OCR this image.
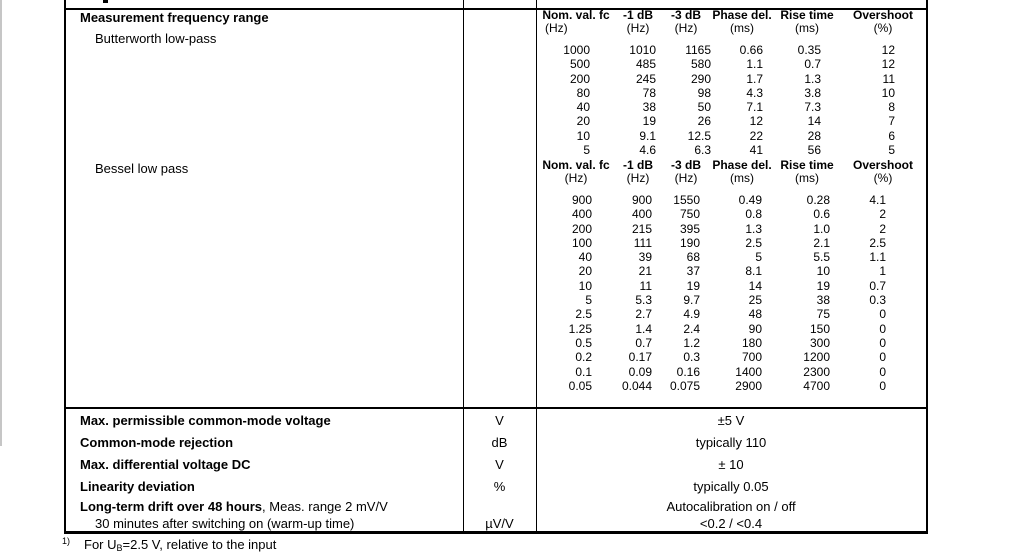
Measurement frequency range
Butterworth low-pass
Bessel low pass
Nom. val. fc	-1 dB	-3 dB	Phase del.	Rise time	Overshoot
(Hz)	(Hz)	(Hz)	(ms)	(ms)	(%)
1000	1010	1165	0.66	0.35	12
500	485	580	1.1	0.7	12
200	245	290	1.7	1.3	11
80	78	98	4.3	3.8	10
40	38	50	7.1	7.3	8
20	19	26	12	14	7
10	9.1	12.5	22	28	6
5	4.6	6.3	41	56	5
Nom. val. fc	-1 dB	-3 dB	Phase del.	Rise time	Overshoot
(Hz)	(Hz)	(Hz)	(ms)	(ms)	(%)
900	900	1550	0.49	0.28	4.1
400	400	750	0.8	0.6	2
200	215	395	1.3	1.0	2
100	111	190	2.5	2.1	2.5
40	39	68	5	5.5	1.1
20	21	37	8.1	10	1
10	11	19	14	19	0.7
5	5.3	9.7	25	38	0.3
2.5	2.7	4.9	48	75	0
1.25	1.4	2.4	90	150	0
0.5	0.7	1.2	180	300	0
0.2	0.17	0.3	700	1200	0
0.1	0.09	0.16	1400	2300	0
0.05	0.044	0.075	2900	4700	0
Max. permissible common-mode voltage	V	±5 V
Common-mode rejection	dB	typically 110
Max. differential voltage DC	V	± 10
Linearity deviation	%	typically 0.05
Long-term drift over 48 hours, Meas. range 2 mV/V	Autocalibration on / off
30 minutes after switching on (warm-up time)	µV/V	<0.2 / <0.4
$^{1)}$ For UB=2.5 V, relative to the input
